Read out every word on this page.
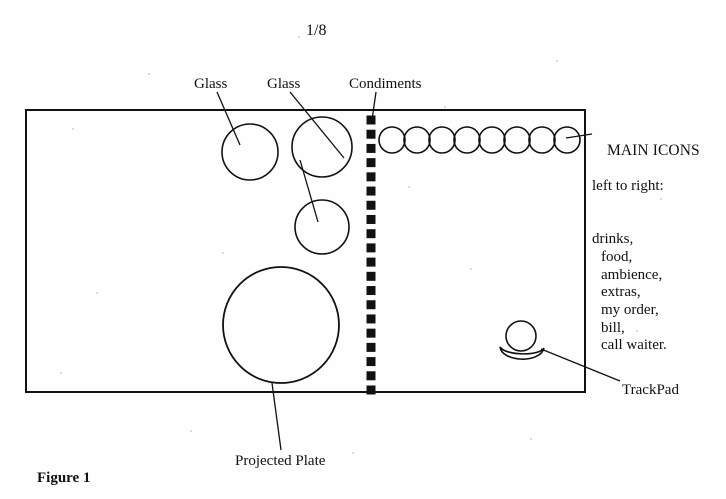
1/8
Glass	Glass	Condiments
TrackPad
Projected Plate

MAIN ICONS

left to right:

drinks,
food,
ambience,
extras,
my order,
bill,
call waiter.

Figure 1
